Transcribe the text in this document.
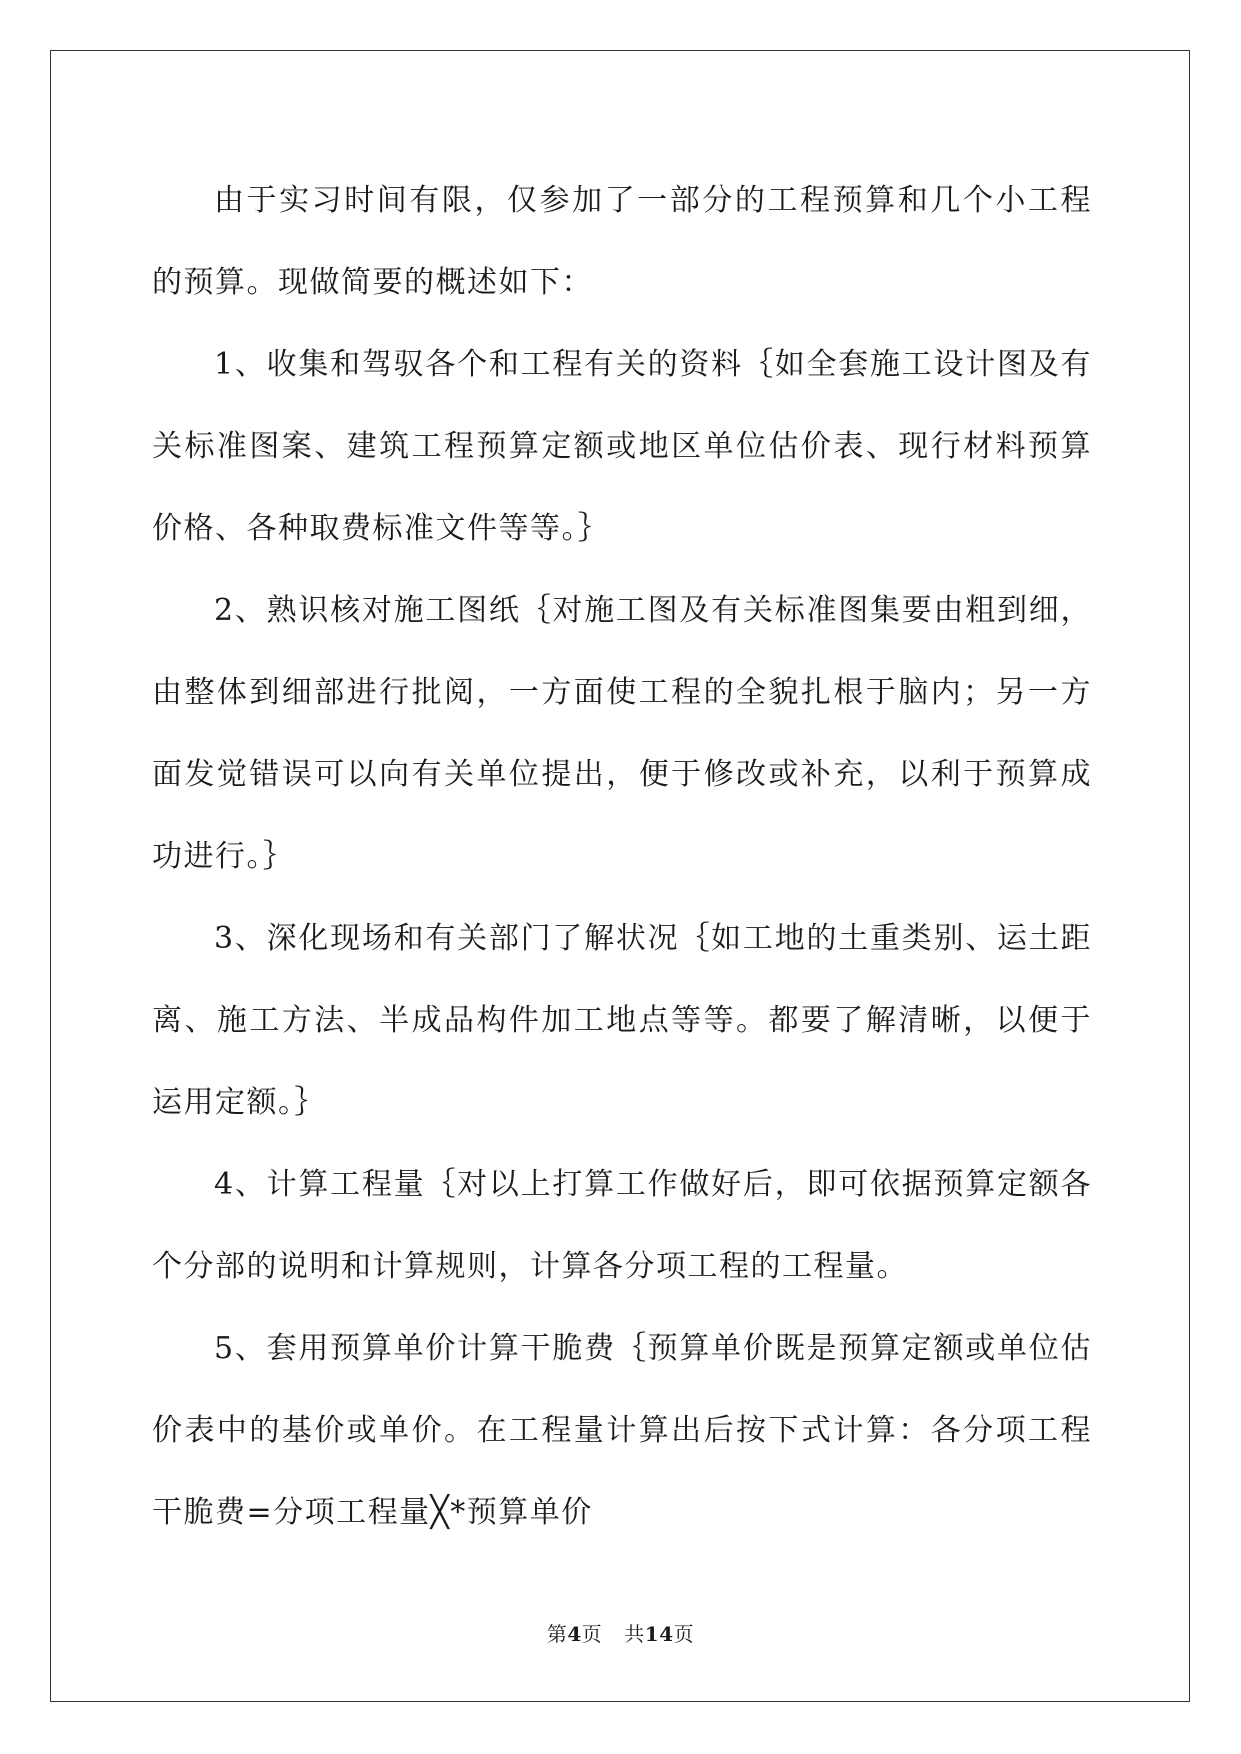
由于实习时间有限，仅参加了一部分的工程预算和几个小工程的预算。现做简要的概述如下：

1、收集和驾驭各个和工程有关的资料｛如全套施工设计图及有关标准图案、建筑工程预算定额或地区单位估价表、现行材料预算价格、各种取费标准文件等等。｝

2、熟识核对施工图纸｛对施工图及有关标准图集要由粗到细，由整体到细部进行批阅，一方面使工程的全貌扎根于脑内；另一方面发觉错误可以向有关单位提出，便于修改或补充，以利于预算成功进行。｝

3、深化现场和有关部门了解状况｛如工地的土重类别、运土距离、施工方法、半成品构件加工地点等等。都要了解清晰，以便于运用定额。｝

4、计算工程量｛对以上打算工作做好后，即可依据预算定额各个分部的说明和计算规则，计算各分项工程的工程量。

5、套用预算单价计算干脆费｛预算单价既是预算定额或单位估价表中的基价或单价。在工程量计算出后按下式计算：各分项工程干脆费=分项工程量╳*预算单价

第4页 共14页
